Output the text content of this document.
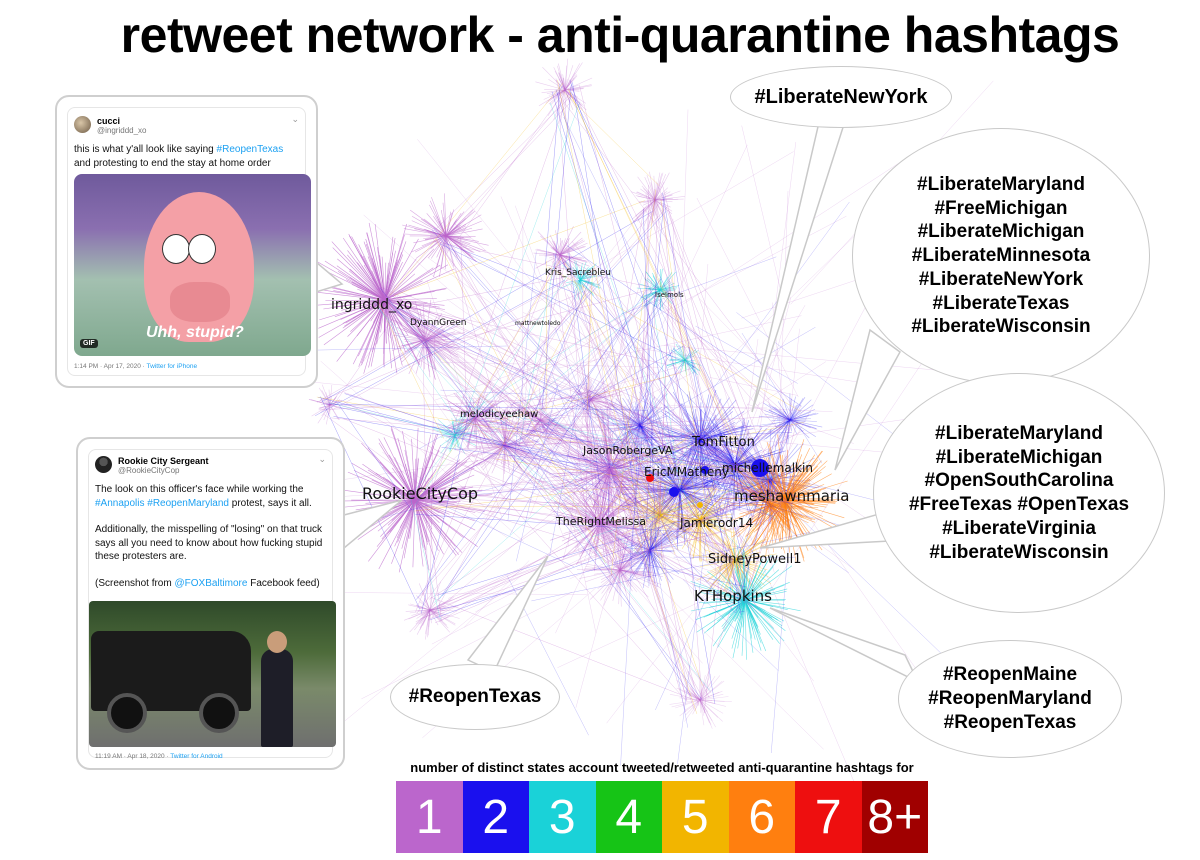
retweet network - anti-quarantine hashtags
ingriddd_xo
DyannGreen	mattnewtoledo
Kris_Sacrebleu
Iselmols
melodicyeehaw
RookieCityCop
JasonRobergeVA
TomFitton
EricMMatheny
michellemalkin
meshawnmaria
TheRightMelissa	Jamierodr14
SidneyPowell1
KTHopkins
#LiberateNewYork
#LiberateMaryland
#FreeMichigan
#LiberateMichigan
#LiberateMinnesota
#LiberateNewYork
#LiberateTexas
#LiberateWisconsin
#LiberateMaryland
#LiberateMichigan
#OpenSouthCarolina
#FreeTexas #OpenTexas
#LiberateVirginia
#LiberateWisconsin
#ReopenTexas
#ReopenMaine
#ReopenMaryland
#ReopenTexas
cucci
@ingriddd_xo
⌄
this is what y'all look like saying #ReopenTexas and protesting to end the stay at home order
Uhh, stupid?
GIF
1:14 PM · Apr 17, 2020 · Twitter for iPhone
Rookie City Sergeant
@RookieCityCop
⌄
The look on this officer's face while working the #Annapolis #ReopenMaryland protest, says it all.
Additionally, the misspelling of "losing" on that truck says all you need to know about how fucking stupid these protesters are.
(Screenshot from @FOXBaltimore Facebook feed)
11:19 AM · Apr 18, 2020 · Twitter for Android
number of distinct states account tweeted/retweeted anti-quarantine hashtags for
1 2 3 4 5 6 7 8+
